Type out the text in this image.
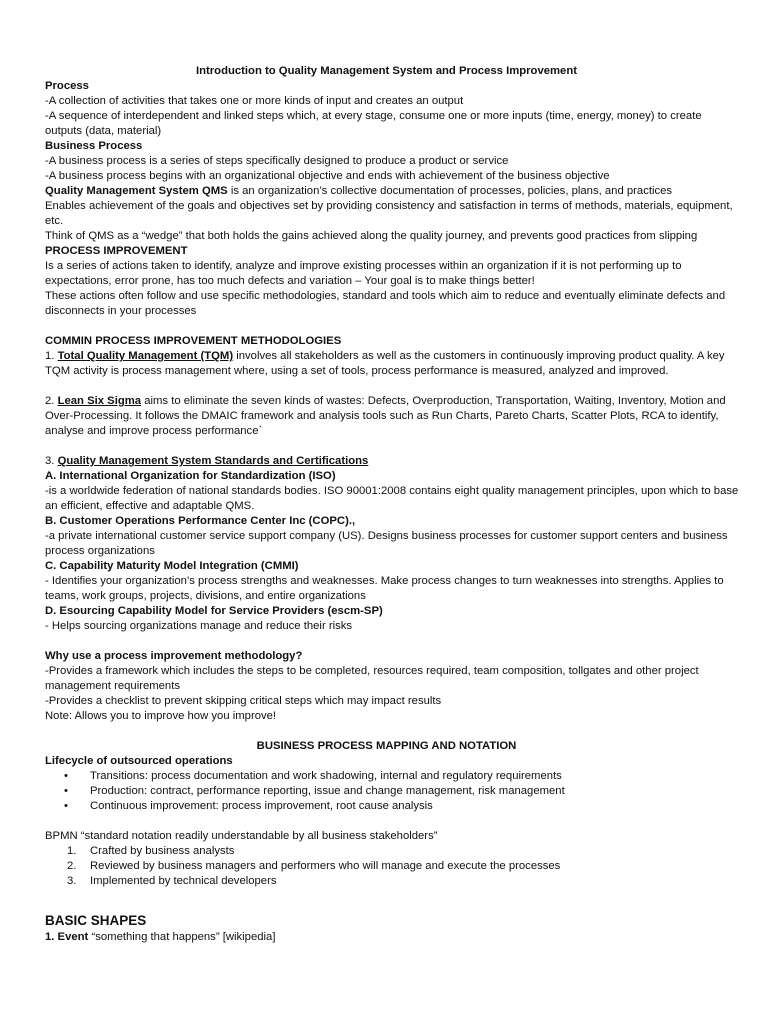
Introduction to Quality Management System and Process Improvement

Process

-A collection of activities that takes one or more kinds of input and creates an output

-A sequence of interdependent and linked steps which, at every stage, consume one or more inputs (time, energy, money) to create

outputs (data, material)

Business Process

-A business process is a series of steps specifically designed to produce a product or service

-A business process begins with an organizational objective and ends with achievement of the business objective

Quality Management System QMS is an organization’s collective documentation of processes, policies, plans, and practices

Enables achievement of the goals and objectives set by providing consistency and satisfaction in terms of methods, materials, equipment,

etc.

Think of QMS as a “wedge” that both holds the gains achieved along the quality journey, and prevents good practices from slipping

PROCESS IMPROVEMENT

Is a series of actions taken to identify, analyze and improve existing processes within an organization if it is not performing up to

expectations, error prone, has too much defects and variation – Your goal is to make things better!

These actions often follow and use specific methodologies, standard and tools which aim to reduce and eventually eliminate defects and

disconnects in your processes

COMMIN PROCESS IMPROVEMENT METHODOLOGIES

1. Total Quality Management (TQM) involves all stakeholders as well as the customers in continuously improving product quality. A key

TQM activity is process management where, using a set of tools, process performance is measured, analyzed and improved.

2. Lean Six Sigma aims to eliminate the seven kinds of wastes: Defects, Overproduction, Transportation, Waiting, Inventory, Motion and

Over-Processing. It follows the DMAIC framework and analysis tools such as Run Charts, Pareto Charts, Scatter Plots, RCA to identify,

analyse and improve process performance`

3. Quality Management System Standards and Certifications

A. International Organization for Standardization (ISO)

-is a worldwide federation of national standards bodies. ISO 90001:2008 contains eight quality management principles, upon which to base

an efficient, effective and adaptable QMS.

B. Customer Operations Performance Center Inc (COPC).,

-a private international customer service support company (US). Designs business processes for customer support centers and business

process organizations

C. Capability Maturity Model Integration (CMMI)

- Identifies your organization’s process strengths and weaknesses. Make process changes to turn weaknesses into strengths. Applies to

teams, work groups, projects, divisions, and entire organizations

D. Esourcing Capability Model for Service Providers (escm-SP)

- Helps sourcing organizations manage and reduce their risks

Why use a process improvement methodology?

-Provides a framework which includes the steps to be completed, resources required, team composition, tollgates and other project

management requirements

-Provides a checklist to prevent skipping critical steps which may impact results

Note: Allows you to improve how you improve!

BUSINESS PROCESS MAPPING AND NOTATION

Lifecycle of outsourced operations

• Transitions: process documentation and work shadowing, internal and regulatory requirements
• Production: contract, performance reporting, issue and change management, risk management
• Continuous improvement: process improvement, root cause analysis

BPMN “standard notation readily understandable by all business stakeholders”

1. Crafted by business analysts
2. Reviewed by business managers and performers who will manage and execute the processes
3. Implemented by technical developers

BASIC SHAPES

1. Event “something that happens” [wikipedia]
